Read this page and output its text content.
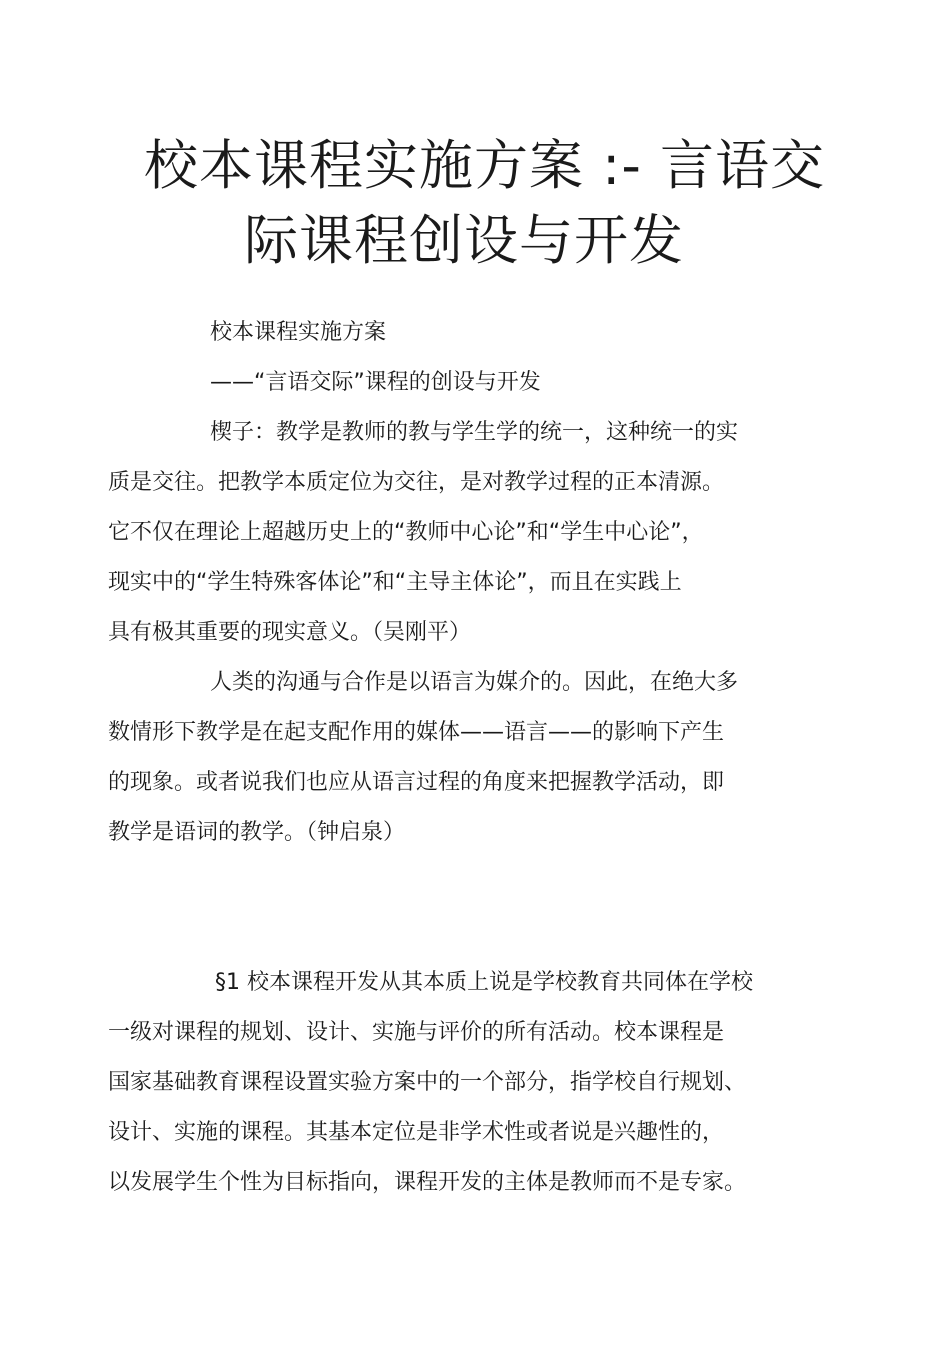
校本课程实施方案 :- 言语交
际课程创设与开发

校本课程实施方案

——“言语交际”课程的创设与开发

楔子：教学是教师的教与学生学的统一，这种统一的实

质是交往。把教学本质定位为交往，是对教学过程的正本清源。

它不仅在理论上超越历史上的“教师中心论”和“学生中心论”，

现实中的“学生特殊客体论”和“主导主体论”，而且在实践上

具有极其重要的现实意义。（吴刚平）

人类的沟通与合作是以语言为媒介的。因此，在绝大多

数情形下教学是在起支配作用的媒体——语言——的影响下产生

的现象。或者说我们也应从语言过程的角度来把握教学活动，即

教学是语词的教学。（钟启泉）

§1 校本课程开发从其本质上说是学校教育共同体在学校

一级对课程的规划、设计、实施与评价的所有活动。校本课程是

国家基础教育课程设置实验方案中的一个部分，指学校自行规划、

设计、实施的课程。其基本定位是非学术性或者说是兴趣性的，

以发展学生个性为目标指向，课程开发的主体是教师而不是专家。
